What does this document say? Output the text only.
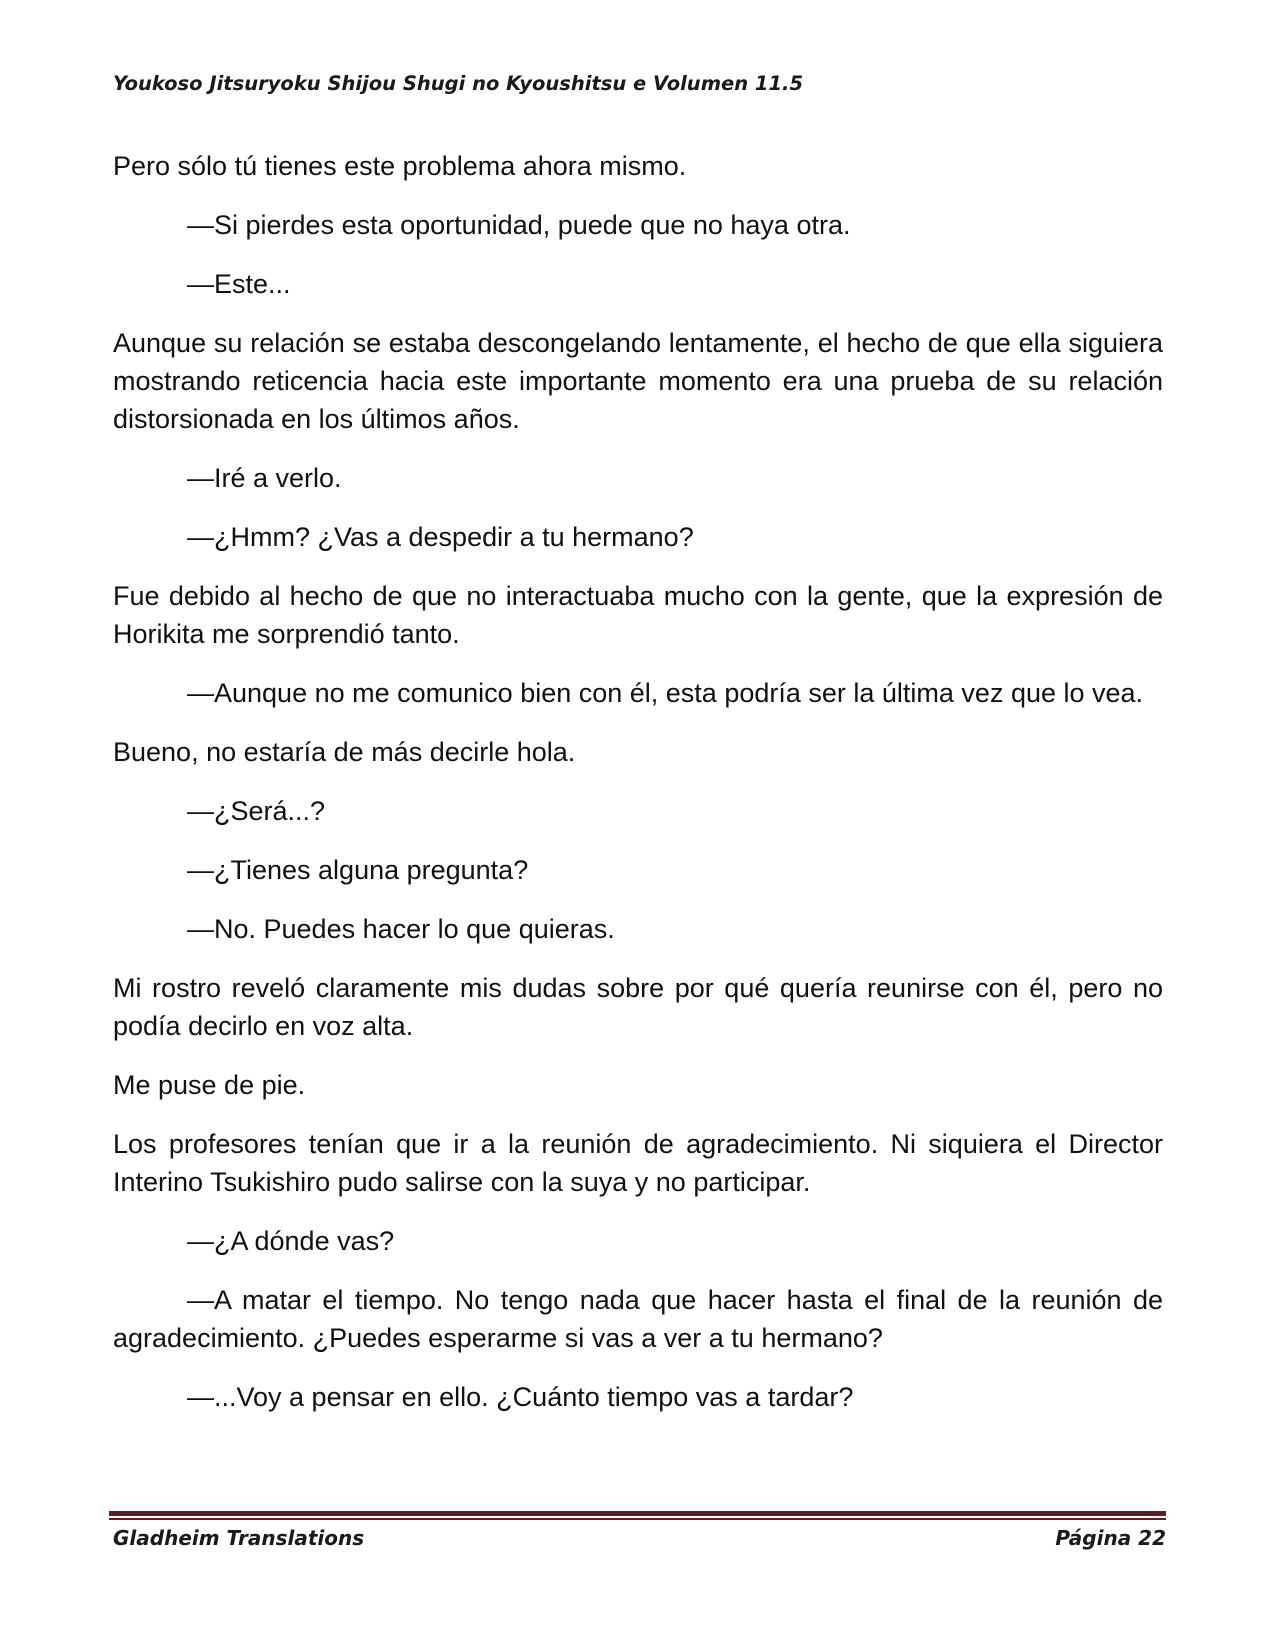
Youkoso Jitsuryoku Shijou Shugi no Kyoushitsu e Volumen 11.5

Pero sólo tú tienes este problema ahora mismo.

—Si pierdes esta oportunidad, puede que no haya otra.

—Este...

Aunque su relación se estaba descongelando lentamente, el hecho de que ella siguiera mostrando reticencia hacia este importante momento era una prueba de su relación distorsionada en los últimos años.

—Iré a verlo.

—¿Hmm? ¿Vas a despedir a tu hermano?

Fue debido al hecho de que no interactuaba mucho con la gente, que la expresión de Horikita me sorprendió tanto.

—Aunque no me comunico bien con él, esta podría ser la última vez que lo vea.

Bueno, no estaría de más decirle hola.

—¿Será...?

—¿Tienes alguna pregunta?

—No. Puedes hacer lo que quieras.

Mi rostro reveló claramente mis dudas sobre por qué quería reunirse con él, pero no podía decirlo en voz alta.

Me puse de pie.

Los profesores tenían que ir a la reunión de agradecimiento. Ni siquiera el Director Interino Tsukishiro pudo salirse con la suya y no participar.

—¿A dónde vas?

—A matar el tiempo. No tengo nada que hacer hasta el final de la reunión de agradecimiento. ¿Puedes esperarme si vas a ver a tu hermano?

—...Voy a pensar en ello. ¿Cuánto tiempo vas a tardar?

Gladheim Translations	Página 22
